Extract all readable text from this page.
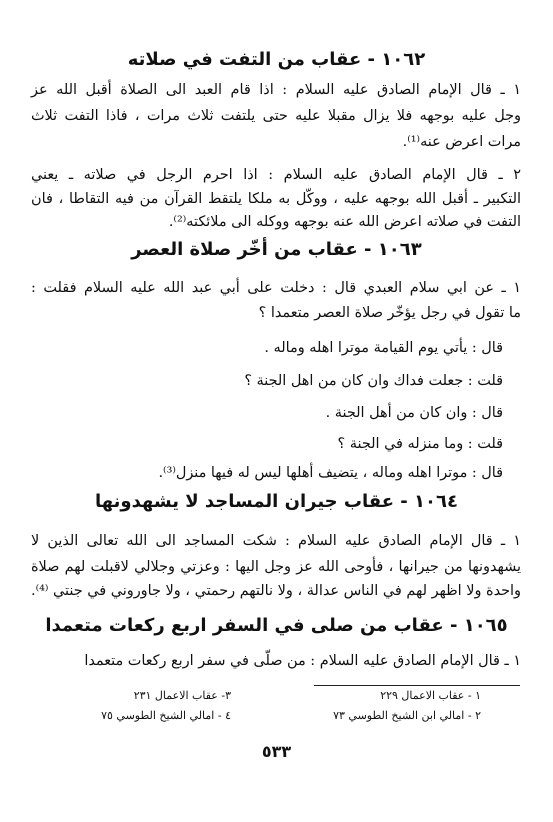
١٠٦٢ - عقاب من التفت في صلاته
١ ـ قال الإمام الصادق عليه السلام : اذا قام العبد الى الصلاة أقبل الله عز
وجل عليه بوجهه فلا يزال مقبلا عليه حتى يلتفت ثلاث مرات ، فاذا التفت ثلاث
مرات اعرض عنه⁽¹⁾.
٢ ـ قال الإمام الصادق عليه السلام : اذا احرم الرجل في صلاته ـ يعني
التكبير ـ أقبل الله بوجهه عليه ، ووكّل به ملكا يلتقط القرآن من فيه التقاطا ، فان
التفت في صلاته اعرض الله عنه بوجهه ووكله الى ملائكته⁽²⁾.
١٠٦٣ - عقاب من أخّر صلاة العصر
١ ـ عن ابي سلام العبدي قال : دخلت على أبي عبد الله عليه السلام فقلت :
ما تقول في رجل يؤخّر صلاة العصر متعمدا ؟
قال : يأتي يوم القيامة موترا اهله وماله .
قلت : جعلت فداك وان كان من اهل الجنة ؟
قال : وان كان من أهل الجنة .
قلت : وما منزله في الجنة ؟
قال : موترا اهله وماله ، يتضيف أهلها ليس له فيها منزل⁽³⁾.
١٠٦٤ - عقاب جيران المساجد لا يشهدونها
١ ـ قال الإمام الصادق عليه السلام : شكت المساجد الى الله تعالى الذين لا
يشهدونها من جيرانها ، فأوحى الله عز وجل اليها : وعزتي وجلالي لاقبلت لهم صلاة
واحدة ولا اظهر لهم في الناس عدالة ، ولا نالتهم رحمتي ، ولا جاوروني في جنتي ⁽⁴⁾.
١٠٦٥ - عقاب من صلى في السفر اربع ركعات متعمدا
١ ـ قال الإمام الصادق عليه السلام : من صلّى في سفر اربع ركعات متعمدا
١ - عقاب الاعمال ٢٢٩
٢ - امالي ابن الشيخ الطوسي ٧٣
٣- عقاب الاعمال ٢٣١
٤ - امالي الشيخ الطوسي ٧٥
٥٣٣
